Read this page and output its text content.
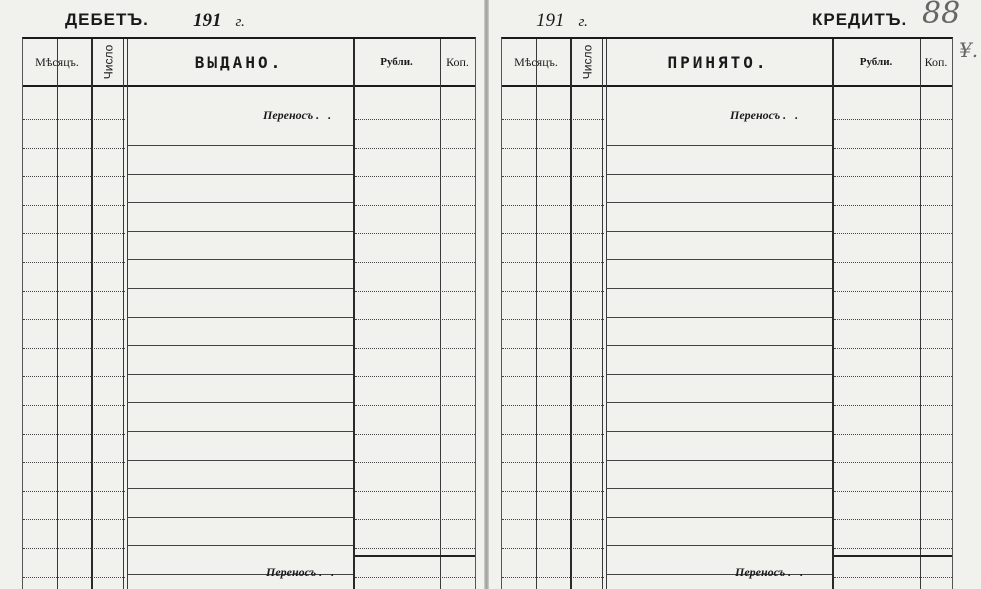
ДЕБЕТЪ. 191 г.
Мѣсяцъ.	Число	ВЫДАНО.	Рубли.	Коп.
Переносъ . .
Переносъ . .
191 г.	КРЕДИТЪ. 88
¥.
Мѣсяцъ.	Число	ПРИНЯТО.	Рубли.	Коп.
Переносъ . .
Переносъ . .
